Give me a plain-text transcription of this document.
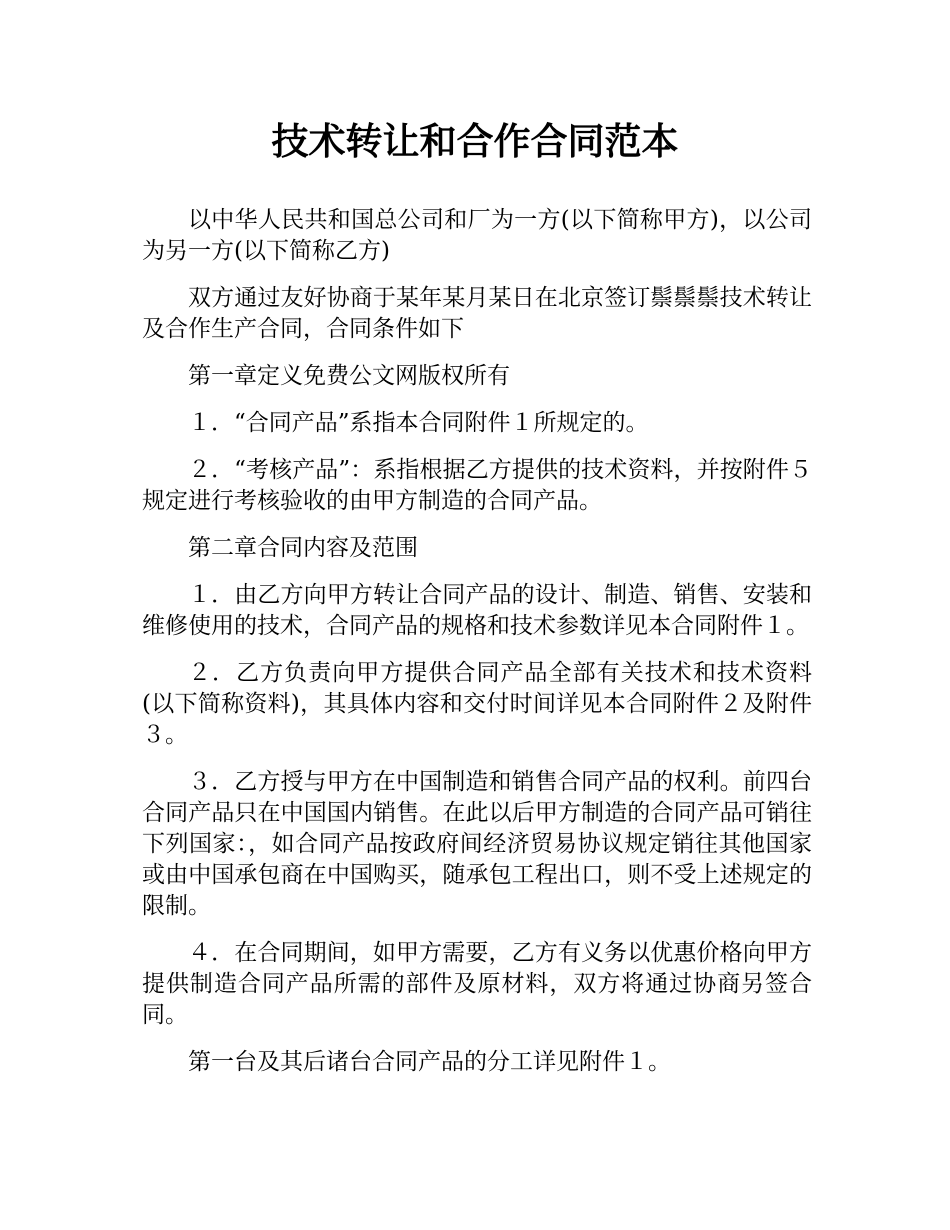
技术转让和合作合同范本

以中华人民共和国总公司和厂为一方(以下简称甲方)，以公司为另一方(以下简称乙方)

双方通过友好协商于某年某月某日在北京签订鬃鬃鬃技术转让及合作生产合同，合同条件如下

第一章定义免费公文网版权所有

１．“合同产品”系指本合同附件１所规定的。

２．“考核产品”：系指根据乙方提供的技术资料，并按附件５规定进行考核验收的由甲方制造的合同产品。

第二章合同内容及范围

１．由乙方向甲方转让合同产品的设计、制造、销售、安装和维修使用的技术，合同产品的规格和技术参数详见本合同附件１。

２．乙方负责向甲方提供合同产品全部有关技术和技术资料(以下简称资料)，其具体内容和交付时间详见本合同附件２及附件３。

３．乙方授与甲方在中国制造和销售合同产品的权利。前四台合同产品只在中国国内销售。在此以后甲方制造的合同产品可销往下列国家：，如合同产品按政府间经济贸易协议规定销往其他国家或由中国承包商在中国购买，随承包工程出口，则不受上述规定的限制。

４．在合同期间，如甲方需要，乙方有义务以优惠价格向甲方提供制造合同产品所需的部件及原材料，双方将通过协商另签合同。

第一台及其后诸台合同产品的分工详见附件１。
